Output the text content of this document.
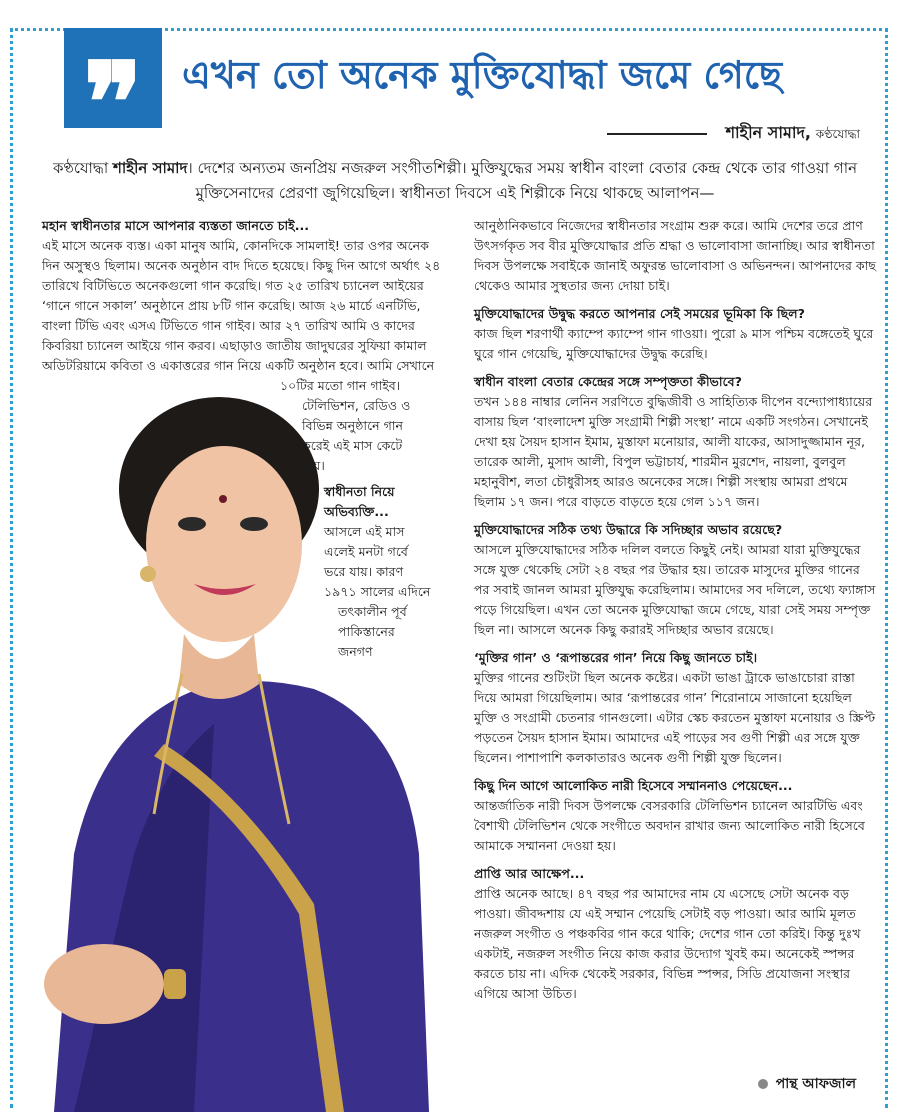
❞	এখন তো অনেক মুক্তিযোদ্ধা জমে গেছে
শাহীন সামাদ, কণ্ঠযোদ্ধা
কণ্ঠযোদ্ধা শাহীন সামাদ। দেশের অন্যতম জনপ্রিয় নজরুল সংগীতশিল্পী। মুক্তিযুদ্ধের সময় স্বাধীন বাংলা বেতার কেন্দ্র থেকে তার গাওয়া গান মুক্তিসেনাদের প্রেরণা জুগিয়েছিল। স্বাধীনতা দিবসে এই শিল্পীকে নিয়ে থাকছে আলাপন—
মহান স্বাধীনতার মাসে আপনার ব্যস্ততা জানতে চাই...
এই মাসে অনেক ব্যস্ত। একা মানুষ আমি, কোনদিকে সামলাই! তার ওপর অনেক দিন অসুস্থও ছিলাম। অনেক অনুষ্ঠান বাদ দিতে হয়েছে। কিছু দিন আগে অর্থাৎ ২৪ তারিখে বিটিভিতে অনেকগুলো গান করেছি। গত ২৫ তারিখ চ্যানেল আইয়ের ‘গানে গানে সকাল’ অনুষ্ঠানে প্রায় ৮টি গান করেছি। আজ ২৬ মার্চে এনটিভি, বাংলা টিভি এবং এসএ টিভিতে গান গাইব। আর ২৭ তারিখ আমি ও কাদের কিবরিয়া চ্যানেল আইয়ে গান করব। এছাড়াও জাতীয় জাদুঘরের সুফিয়া কামাল অডিটরিয়ামে কবিতা ও একাত্তরের গান নিয়ে একটি অনুষ্ঠান হবে। আমি সেখানে
১০টির মতো গান গাইব।
টেলিভিশন, রেডিও ও
বিভিন্ন অনুষ্ঠানে গান
করেই এই মাস কেটে
যায়।
স্বাধীনতা নিয়ে
অভিব্যক্তি...
আসলে এই মাস
এলেই মনটা গর্বে
ভরে যায়। কারণ
১৯৭১ সালের এদিনে
তৎকালীন পূর্ব
পাকিস্তানের
জনগণ
আনুষ্ঠানিকভাবে নিজেদের স্বাধীনতার সংগ্রাম শুরু করে। আমি দেশের তরে প্রাণ উৎসর্গকৃত সব বীর মুক্তিযোদ্ধার প্রতি শ্রদ্ধা ও ভালোবাসা জানাচ্ছি। আর স্বাধীনতা দিবস উপলক্ষে সবাইকে জানাই অফুরন্ত ভালোবাসা ও অভিনন্দন। আপনাদের কাছ থেকেও আমার সুস্থতার জন্য দোয়া চাই।
মুক্তিযোদ্ধাদের উদ্বুদ্ধ করতে আপনার সেই সময়ের ভূমিকা কি ছিল?
কাজ ছিল শরণার্থী ক্যাম্পে ক্যাম্পে গান গাওয়া। পুরো ৯ মাস পশ্চিম বঙ্গেতেই ঘুরে ঘুরে গান গেয়েছি, মুক্তিযোদ্ধাদের উদ্বুদ্ধ করেছি।
স্বাধীন বাংলা বেতার কেন্দ্রের সঙ্গে সম্পৃক্ততা কীভাবে?
তখন ১৪৪ নাম্বার লেনিন সরণিতে বুদ্ধিজীবী ও সাহিত্যিক দীপেন বন্দ্যোপাধ্যায়ের বাসায় ছিল ‘বাংলাদেশ মুক্তি সংগ্রামী শিল্পী সংস্থা’ নামে একটি সংগঠন। সেখানেই দেখা হয় সৈয়দ হাসান ইমাম, মুস্তাফা মনোয়ার, আলী যাকের, আসাদুজ্জামান নূর, তারেক আলী, মুসাদ আলী, বিপুল ভট্টাচার্য, শারমীন মুরশেদ, নায়লা, বুলবুল মহানুবীশ, লতা চৌধুরীসহ আরও অনেকের সঙ্গে। শিল্পী সংস্থায় আমরা প্রথমে ছিলাম ১৭ জন। পরে বাড়তে বাড়তে হয়ে গেল ১১৭ জন।
মুক্তিযোদ্ধাদের সঠিক তথ্য উদ্ধারে কি সদিচ্ছার অভাব রয়েছে?
আসলে মুক্তিযোদ্ধাদের সঠিক দলিল বলতে কিছুই নেই। আমরা যারা মুক্তিযুদ্ধের সঙ্গে যুক্ত থেকেছি সেটা ২৪ বছর পর উদ্ধার হয়। তারেক মাসুদের মুক্তির গানের পর সবাই জানল আমরা মুক্তিযুদ্ধ করেছিলাম। আমাদের সব দলিলে, তথ্যে ফ্যাঙ্গাস পড়ে গিয়েছিল। এখন তো অনেক মুক্তিযোদ্ধা জমে গেছে, যারা সেই সময় সম্পৃক্ত ছিল না। আসলে অনেক কিছু করারই সদিচ্ছার অভাব রয়েছে।
‘মুক্তির গান’ ও ‘রূপান্তরের গান’ নিয়ে কিছু জানতে চাই।
মুক্তির গানের শুটিংটা ছিল অনেক কষ্টের। একটা ভাঙা ট্রাকে ভাঙাচোরা রাস্তা দিয়ে আমরা গিয়েছিলাম। আর ‘রূপান্তরের গান’ শিরোনামে সাজানো হয়েছিল মুক্তি ও সংগ্রামী চেতনার গানগুলো। এটার স্কেচ করতেন মুস্তাফা মনোয়ার ও স্ক্রিপ্ট পড়তেন সৈয়দ হাসান ইমাম। আমাদের এই পাড়ের সব গুণী শিল্পী এর সঙ্গে যুক্ত ছিলেন। পাশাপাশি কলকাতারও অনেক গুণী শিল্পী যুক্ত ছিলেন।
কিছু দিন আগে আলোকিত নারী হিসেবে সম্মাননাও পেয়েছেন...
আন্তর্জাতিক নারী দিবস উপলক্ষে বেসরকারি টেলিভিশন চ্যানেল আরটিভি এবং বৈশাখী টেলিভিশন থেকে সংগীতে অবদান রাখার জন্য আলোকিত নারী হিসেবে আমাকে সম্মাননা দেওয়া হয়।
প্রাপ্তি আর আক্ষেপ...
প্রাপ্তি অনেক আছে। ৪৭ বছর পর আমাদের নাম যে এসেছে সেটা অনেক বড় পাওয়া। জীবদ্দশায় যে এই সম্মান পেয়েছি সেটাই বড় পাওয়া। আর আমি মূলত নজরুল সংগীত ও পঞ্চকবির গান করে থাকি; দেশের গান তো করিই। কিন্তু দুঃখ একটাই, নজরুল সংগীত নিয়ে কাজ করার উদ্যোগ খুবই কম। অনেকেই স্পন্সর করতে চায় না। এদিক থেকেই সরকার, বিভিন্ন স্পন্সর, সিডি প্রযোজনা সংস্থার এগিয়ে আসা উচিত।
পান্থ আফজাল
